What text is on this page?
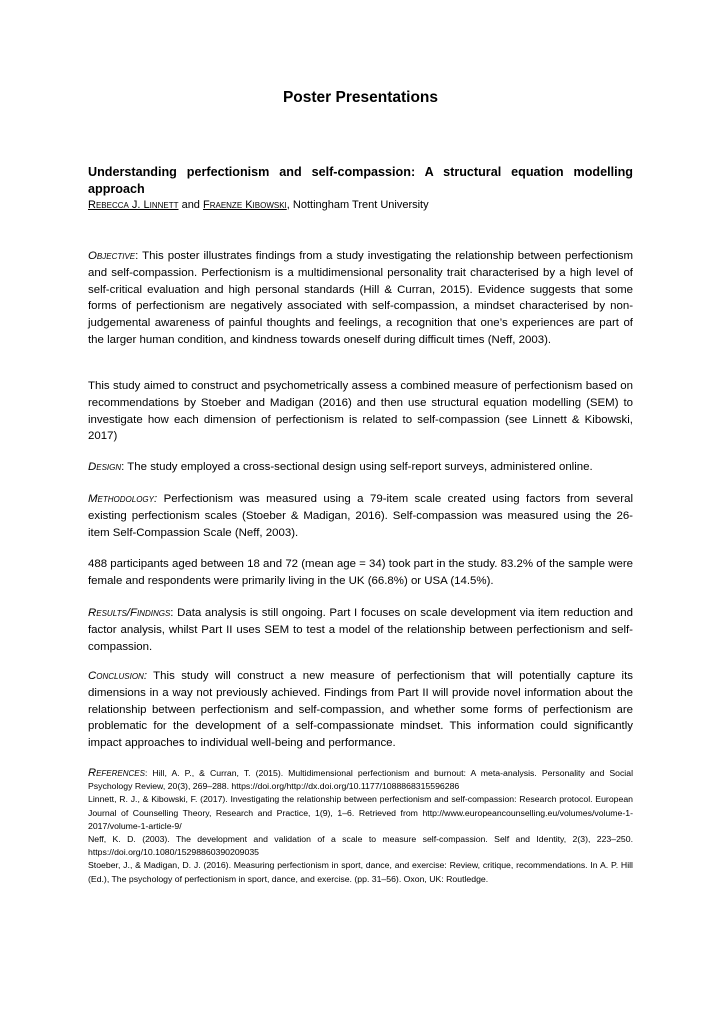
Poster Presentations
Understanding perfectionism and self-compassion: A structural equation modelling approach
Rebecca J. Linnett and Fraenze Kibowski, Nottingham Trent University
Objective: This poster illustrates findings from a study investigating the relationship between perfectionism and self-compassion. Perfectionism is a multidimensional personality trait characterised by a high level of self-critical evaluation and high personal standards (Hill & Curran, 2015). Evidence suggests that some forms of perfectionism are negatively associated with self-compassion, a mindset characterised by non-judgemental awareness of painful thoughts and feelings, a recognition that one’s experiences are part of the larger human condition, and kindness towards oneself during difficult times (Neff, 2003).
This study aimed to construct and psychometrically assess a combined measure of perfectionism based on recommendations by Stoeber and Madigan (2016) and then use structural equation modelling (SEM) to investigate how each dimension of perfectionism is related to self-compassion (see Linnett & Kibowski, 2017)
Design: The study employed a cross-sectional design using self-report surveys, administered online.
Methodology: Perfectionism was measured using a 79-item scale created using factors from several existing perfectionism scales (Stoeber & Madigan, 2016). Self-compassion was measured using the 26-item Self-Compassion Scale (Neff, 2003).
488 participants aged between 18 and 72 (mean age = 34) took part in the study. 83.2% of the sample were female and respondents were primarily living in the UK (66.8%) or USA (14.5%).
Results/Findings: Data analysis is still ongoing. Part I focuses on scale development via item reduction and factor analysis, whilst Part II uses SEM to test a model of the relationship between perfectionism and self-compassion.
Conclusion: This study will construct a new measure of perfectionism that will potentially capture its dimensions in a way not previously achieved. Findings from Part II will provide novel information about the relationship between perfectionism and self-compassion, and whether some forms of perfectionism are problematic for the development of a self-compassionate mindset. This information could significantly impact approaches to individual well-being and performance.
References: Hill, A. P., & Curran, T. (2015). Multidimensional perfectionism and burnout: A meta-analysis. Personality and Social Psychology Review, 20(3), 269–288. https://doi.org/http://dx.doi.org/10.1177/1088868315596286
Linnett, R. J., & Kibowski, F. (2017). Investigating the relationship between perfectionism and self-compassion: Research protocol. European Journal of Counselling Theory, Research and Practice, 1(9), 1–6. Retrieved from http://www.europeancounselling.eu/volumes/volume-1-2017/volume-1-article-9/
Neff, K. D. (2003). The development and validation of a scale to measure self-compassion. Self and Identity, 2(3), 223–250. https://doi.org/10.1080/15298860390209035
Stoeber, J., & Madigan, D. J. (2016). Measuring perfectionism in sport, dance, and exercise: Review, critique, recommendations. In A. P. Hill (Ed.), The psychology of perfectionism in sport, dance, and exercise. (pp. 31–56). Oxon, UK: Routledge.
